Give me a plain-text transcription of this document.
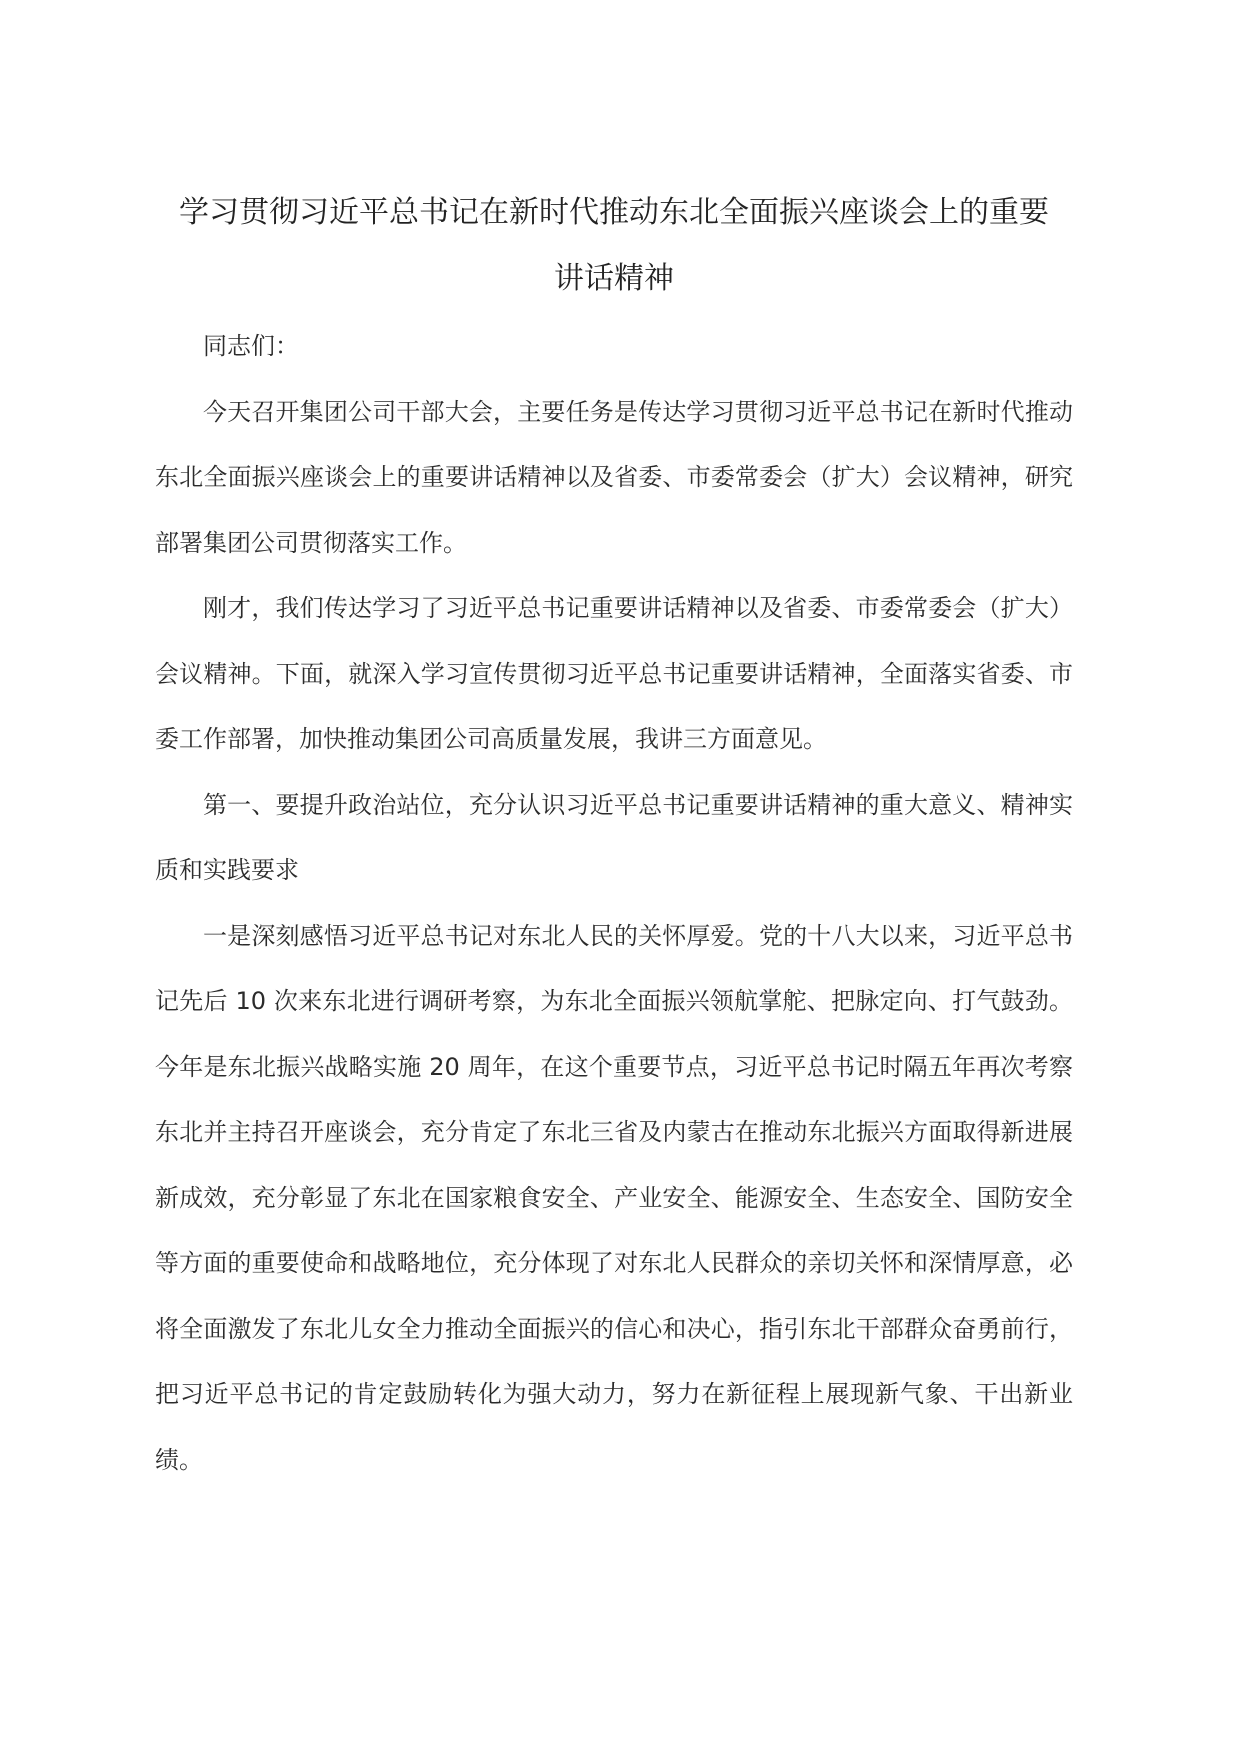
学习贯彻习近平总书记在新时代推动东北全面振兴座谈会上的重要
讲话精神

同志们：

今天召开集团公司干部大会，主要任务是传达学习贯彻习近平总书记在新时代推动东北全面振兴座谈会上的重要讲话精神以及省委、市委常委会（扩大）会议精神，研究部署集团公司贯彻落实工作。

刚才，我们传达学习了习近平总书记重要讲话精神以及省委、市委常委会（扩大）会议精神。下面，就深入学习宣传贯彻习近平总书记重要讲话精神，全面落实省委、市委工作部署，加快推动集团公司高质量发展，我讲三方面意见。

第一、要提升政治站位，充分认识习近平总书记重要讲话精神的重大意义、精神实质和实践要求

一是深刻感悟习近平总书记对东北人民的关怀厚爱。党的十八大以来，习近平总书记先后 10 次来东北进行调研考察，为东北全面振兴领航掌舵、把脉定向、打气鼓劲。今年是东北振兴战略实施 20 周年，在这个重要节点，习近平总书记时隔五年再次考察东北并主持召开座谈会，充分肯定了东北三省及内蒙古在推动东北振兴方面取得新进展新成效，充分彰显了东北在国家粮食安全、产业安全、能源安全、生态安全、国防安全等方面的重要使命和战略地位，充分体现了对东北人民群众的亲切关怀和深情厚意，必将全面激发了东北儿女全力推动全面振兴的信心和决心，指引东北干部群众奋勇前行，把习近平总书记的肯定鼓励转化为强大动力，努力在新征程上展现新气象、干出新业绩。
